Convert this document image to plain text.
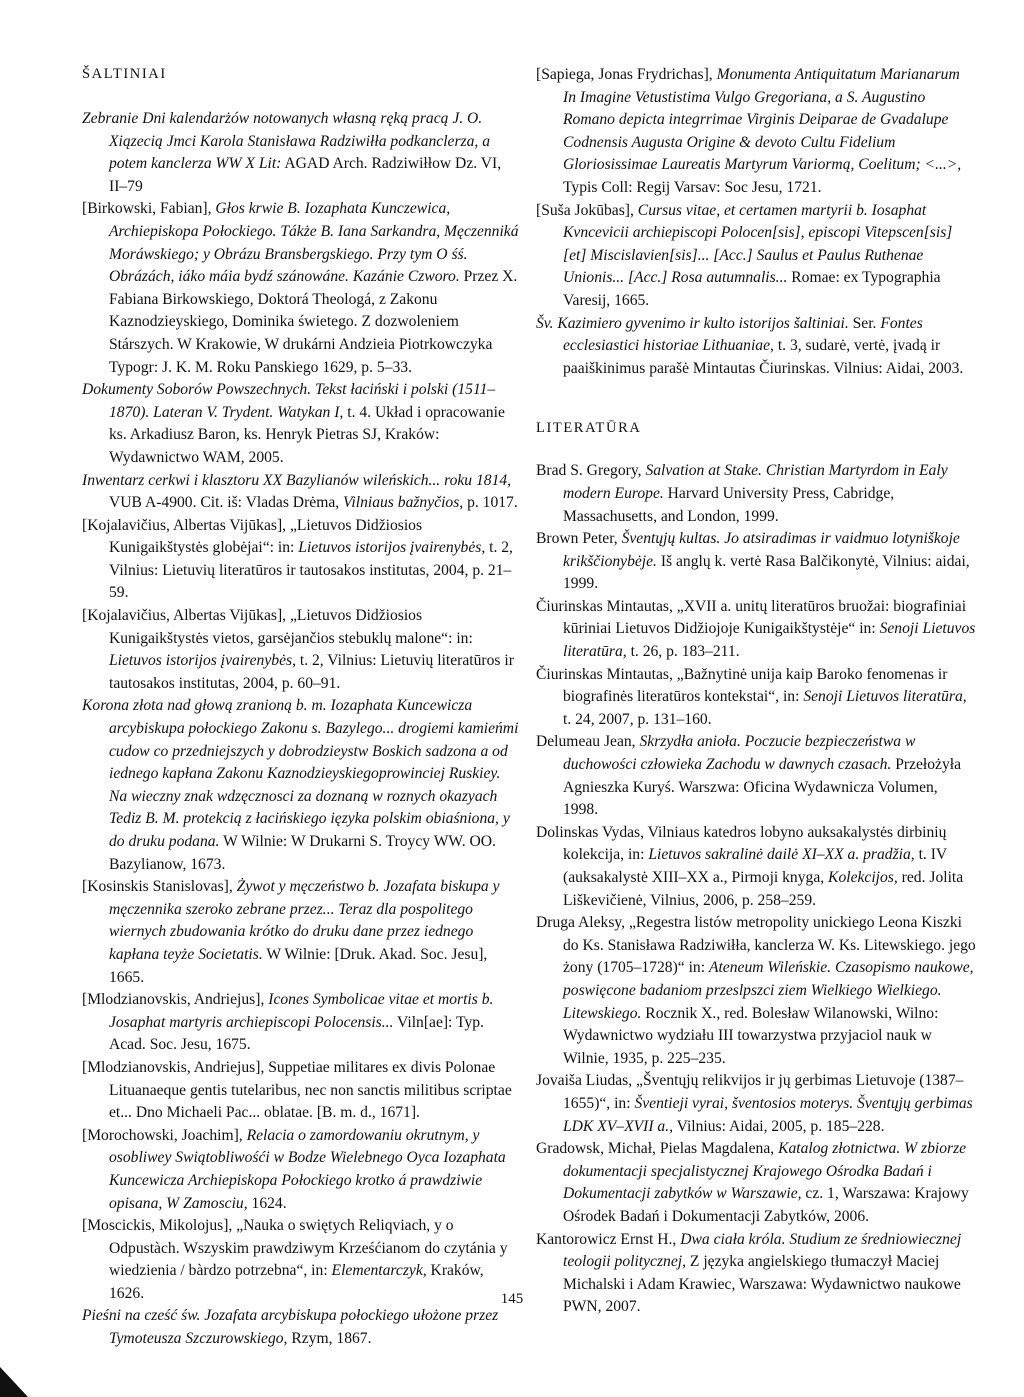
ŠALTINIAI

Zebranie Dni kalendarżów notowanych własną ręką pracą J. O. Xiązecią Jmci Karola Stanisława Radziwiłła podkanclerza, a potem kanclerza WW X Lit: AGAD Arch. Radziwiłłow Dz. VI, II–79

[Birkowski, Fabian], Głos krwie B. Iozaphata Kunczewica, Archiepiskopa Połockiego. Tákże B. Iana Sarkandra, Męczenniká Moráwskiego; y Obrázu Bransbergskiego. Przy tym O śś. Obrázách, iáko máia bydź szánowáne. Kazánie Czworo. Przez X. Fabiana Birkowskiego, Doktorá Theologá, z Zakonu Kaznodzieyskiego, Dominika świetego. Z dozwoleniem Stárszych. W Krakowie, W drukárni Andzieia Piotrkowczyka Typogr: J. K. M. Roku Panskiego 1629, p. 5–33.

Dokumenty Soborów Powszechnych. Tekst łaciński i polski (1511–1870). Lateran V. Trydent. Watykan I, t. 4. Układ i opracowanie ks. Arkadiusz Baron, ks. Henryk Pietras SJ, Kraków: Wydawnictwo WAM, 2005.

Inwentarz cerkwi i klasztoru XX Bazylianów wileńskich... roku 1814, VUB A-4900. Cit. iš: Vladas Drėma, Vilniaus bažnyčios, p. 1017.

[Kojalavičius, Albertas Vijūkas], „Lietuvos Didžiosios Kunigaikštystės globėjai“: in: Lietuvos istorijos įvairenybės, t. 2, Vilnius: Lietuvių literatūros ir tautosakos institutas, 2004, p. 21–59.

[Kojalavičius, Albertas Vijūkas], „Lietuvos Didžiosios Kunigaikštystės vietos, garsėjančios stebuklų malone“: in: Lietuvos istorijos įvairenybės, t. 2, Vilnius: Lietuvių literatūros ir tautosakos institutas, 2004, p. 60–91.

Korona złota nad głową zranioną b. m. Iozaphata Kuncewicza arcybiskupa połockiego Zakonu s. Bazylego... drogiemi kamieńmi cudow co przedniejszych y dobrodzieystw Boskich sadzona a od iednego kapłana Zakonu Kaznodzieyskiegoprowinciej Ruskiey. Na wieczny znak wdzęcznosci za doznaną w roznych okazyach Tediz B. M. protekcią z łacińskiego ięzyka polskim obiaśniona, y do druku podana. W Wilnie: W Drukarni S. Troycy WW. OO. Bazylianow, 1673.

[Kosinskis Stanislovas], Żywot y męczeństwo b. Jozafata biskupa y męczennika szeroko zebrane przez... Teraz dla pospolitego wiernych zbudowania krótko do druku dane przez iednego kapłana teyże Societatis. W Wilnie: [Druk. Akad. Soc. Jesu], 1665.

[Mlodzianovskis, Andriejus], Icones Symbolicae vitae et mortis b. Josaphat martyris archiepiscopi Polocensis... Viln[ae]: Typ. Acad. Soc. Jesu, 1675.

[Mlodzianovskis, Andriejus], Suppetiae militares ex divis Polonae Lituanaeque gentis tutelaribus, nec non sanctis militibus scriptae et... Dno Michaeli Pac... oblatae. [B. m. d., 1671].

[Morochowski, Joachim], Relacia o zamordowaniu okrutnym, y osobliwey Swiątobliwośći w Bodze Wielebnego Oyca Iozaphata Kuncewicza Archiepiskopa Połockiego krotko á prawdziwie opisana, W Zamosciu, 1624.

[Moscickis, Mikolojus], „Nauka o swiętych Reliqviach, y o Odpustàch. Wszyskim prawdziwym Krześćianom do czytánia y wiedzienia / bàrdzo potrzebna“, in: Elementarczyk, Kraków, 1626.

Pieśni na cześć św. Jozafata arcybiskupa połockiego ułożone przez Tymoteusza Szczurowskiego, Rzym, 1867.

[Sapiega, Jonas Frydrichas], Monumenta Antiquitatum Marianarum In Imagine Vetustistima Vulgo Gregoriana, a S. Augustino Romano depicta integrrimae Virginis Deiparae de Gvadalupe Codnensis Augusta Origine & devoto Cultu Fidelium Gloriosissimae Laureatis Martyrum Variormą, Coelitum; <...>, Typis Coll: Regij Varsav: Soc Jesu, 1721.

[Suša Jokūbas], Cursus vitae, et certamen martyrii b. Iosaphat Kvncevicii archiepiscopi Polocen[sis], episcopi Vitepscen[sis] [et] Miscislavien[sis]... [Acc.] Saulus et Paulus Ruthenae Unionis... [Acc.] Rosa autumnalis... Romae: ex Typographia Varesij, 1665.

Šv. Kazimiero gyvenimo ir kulto istorijos šaltiniai. Ser. Fontes ecclesiastici historiae Lithuaniae, t. 3, sudarė, vertė, įvadą ir paaiškinimus parašė Mintautas Čiurinskas. Vilnius: Aidai, 2003.

LITERATŪRA

Brad S. Gregory, Salvation at Stake. Christian Martyrdom in Ealy modern Europe. Harvard University Press, Cabridge, Massachusetts, and London, 1999.

Brown Peter, Šventųjų kultas. Jo atsiradimas ir vaidmuo lotyniškoje krikščionybėje. Iš anglų k. vertė Rasa Balčikonytė, Vilnius: aidai, 1999.

Čiurinskas Mintautas, „XVII a. unitų literatūros bruožai: biografiniai kūriniai Lietuvos Didžiojoje Kunigaikštystėje“ in: Senoji Lietuvos literatūra, t. 26, p. 183–211.

Čiurinskas Mintautas, „Bažnytinė unija kaip Baroko fenomenas ir biografinės literatūros kontekstai“, in: Senoji Lietuvos literatūra, t. 24, 2007, p. 131–160.

Delumeau Jean, Skrzydła anioła. Poczucie bezpieczeństwa w duchowości człowieka Zachodu w dawnych czasach. Przełożyła Agnieszka Kuryś. Warszwa: Oficina Wydawnicza Volumen, 1998.

Dolinskas Vydas, Vilniaus katedros lobyno auksakalystės dirbinių kolekcija, in: Lietuvos sakralinė dailė XI–XX a. pradžia, t. IV (auksakalystė XIII–XX a., Pirmoji knyga, Kolekcijos, red. Jolita Liškevičienė, Vilnius, 2006, p. 258–259.

Druga Aleksy, „Regestra listów metropolity unickiego Leona Kiszki do Ks. Stanisława Radziwiłła, kanclerza W. Ks. Litewskiego. jego żony (1705–1728)“ in: Ateneum Wileńskie. Czasopismo naukowe, poswięcone badaniom przeslpszci ziem Wielkiego Wielkiego. Litewskiego. Rocznik X., red. Bolesław Wilanowski, Wilno: Wydawnictwo wydziału III towarzystwa przyjaciol nauk w Wilnie, 1935, p. 225–235.

Jovaiša Liudas, „Šventųjų relikvijos ir jų gerbimas Lietuvoje (1387–1655)“, in: Šventieji vyrai, šventosios moterys. Šventųjų gerbimas LDK XV–XVII a., Vilnius: Aidai, 2005, p. 185–228.

Gradowsk, Michał, Pielas Magdalena, Katalog złotnictwa. W zbiorze dokumentacji specjalistycznej Krajowego Ośrodka Badań i Dokumentacji zabytków w Warszawie, cz. 1, Warszawa: Krajowy Ośrodek Badań i Dokumentacji Zabytków, 2006.

Kantorowicz Ernst H., Dwa ciała króla. Studium ze średniowiecznej teologii politycznej, Z języka angielskiego tłumaczył Maciej Michalski i Adam Krawiec, Warszawa: Wydawnictwo naukowe PWN, 2007.

145
